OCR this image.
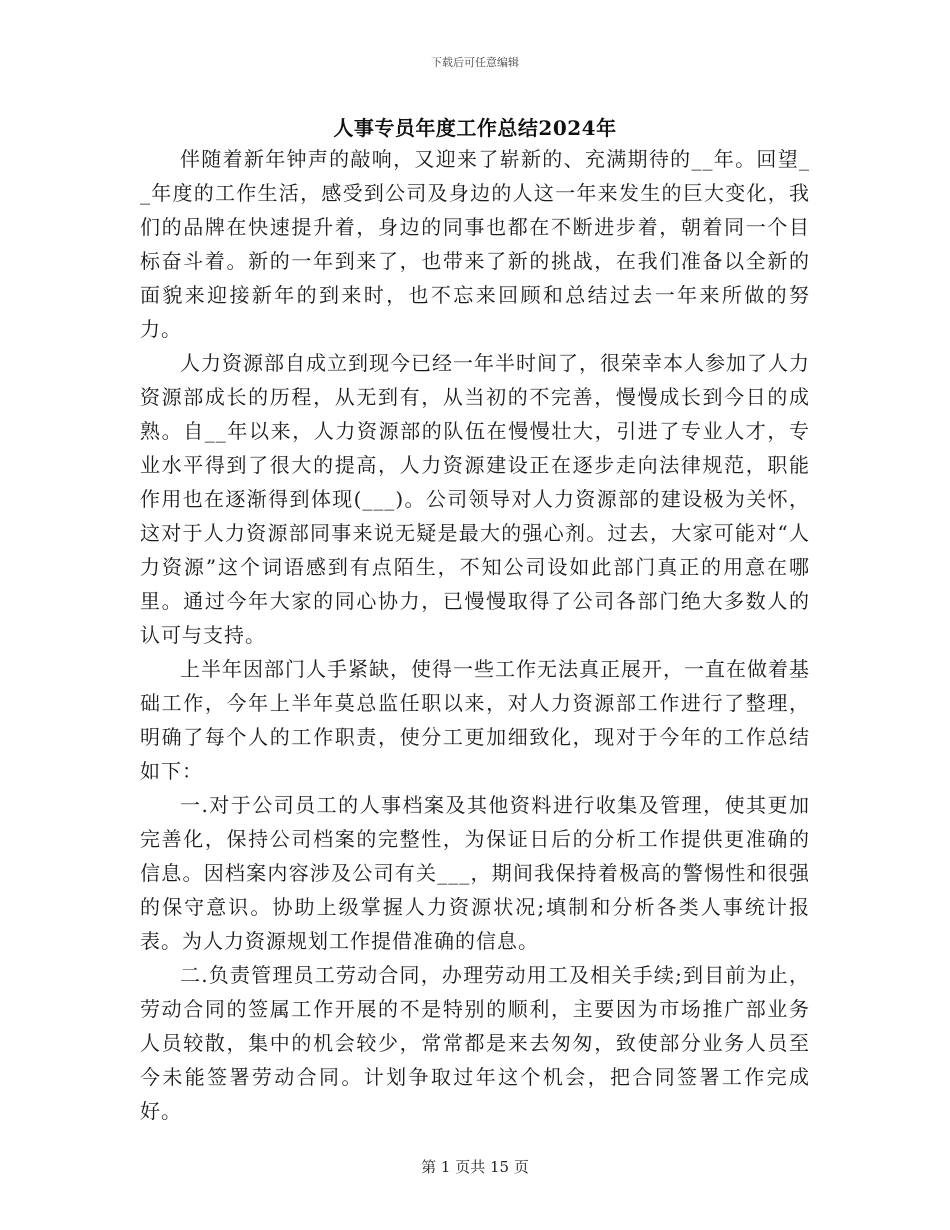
下载后可任意编辑
人事专员年度工作总结2024年

伴随着新年钟声的敲响，又迎来了崭新的、充满期待的__年。回望__年度的工作生活，感受到公司及身边的人这一年来发生的巨大变化，我们的品牌在快速提升着，身边的同事也都在不断进步着，朝着同一个目标奋斗着。新的一年到来了，也带来了新的挑战，在我们准备以全新的面貌来迎接新年的到来时，也不忘来回顾和总结过去一年来所做的努力。

人力资源部自成立到现今已经一年半时间了，很荣幸本人参加了人力资源部成长的历程，从无到有，从当初的不完善，慢慢成长到今日的成熟。自__年以来，人力资源部的队伍在慢慢壮大，引进了专业人才，专业水平得到了很大的提高，人力资源建设正在逐步走向法律规范，职能作用也在逐渐得到体现(___)。公司领导对人力资源部的建设极为关怀，这对于人力资源部同事来说无疑是最大的强心剂。过去，大家可能对“人力资源”这个词语感到有点陌生，不知公司设如此部门真正的用意在哪里。通过今年大家的同心协力，已慢慢取得了公司各部门绝大多数人的认可与支持。

上半年因部门人手紧缺，使得一些工作无法真正展开，一直在做着基础工作，今年上半年莫总监任职以来，对人力资源部工作进行了整理，明确了每个人的工作职责，使分工更加细致化，现对于今年的工作总结如下：

一.对于公司员工的人事档案及其他资料进行收集及管理，使其更加完善化，保持公司档案的完整性，为保证日后的分析工作提供更准确的信息。因档案内容涉及公司有关___，期间我保持着极高的警惕性和很强的保守意识。协助上级掌握人力资源状况;填制和分析各类人事统计报表。为人力资源规划工作提借准确的信息。

二.负责管理员工劳动合同，办理劳动用工及相关手续;到目前为止，劳动合同的签属工作开展的不是特别的顺利，主要因为市场推广部业务人员较散，集中的机会较少，常常都是来去匆匆，致使部分业务人员至今未能签署劳动合同。计划争取过年这个机会，把合同签署工作完成好。

第 1 页共 15 页
